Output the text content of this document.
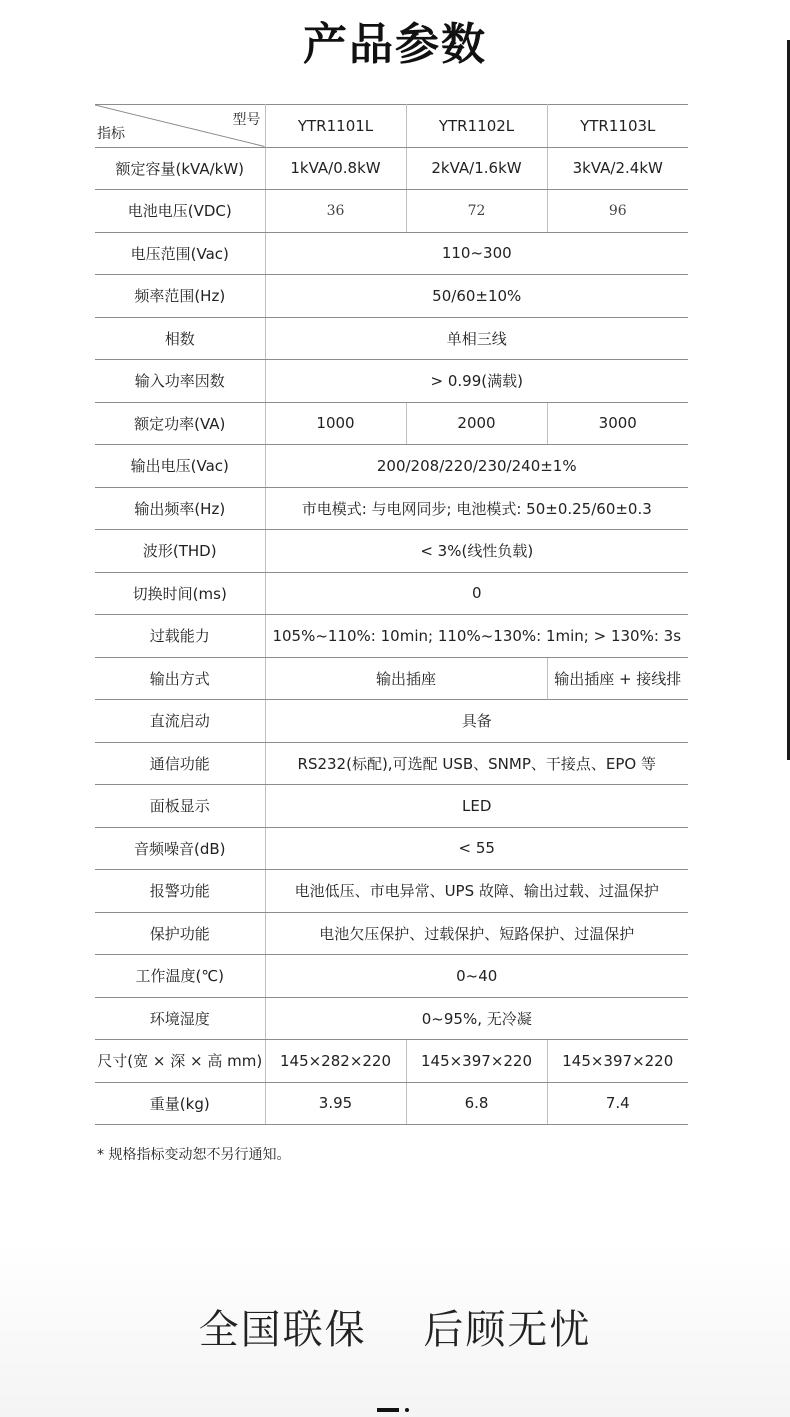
产品参数
型号
指标	YTR1101L	YTR1102L	YTR1103L
额定容量(kVA/kW)	1kVA/0.8kW	2kVA/1.6kW	3kVA/2.4kW
电池电压(VDC)	36	72	96
电压范围(Vac)	110~300		
频率范围(Hz)	50/60±10%		
相数	单相三线		
输入功率因数	> 0.99(满载)		
额定功率(VA)	1000	2000	3000
输出电压(Vac)	200/208/220/230/240±1%		
输出频率(Hz)	市电模式: 与电网同步; 电池模式: 50±0.25/60±0.3		
波形(THD)	< 3%(线性负载)		
切换时间(ms)	0		
过载能力	105%~110%: 10min; 110%~130%: 1min; > 130%: 3s		
输出方式	输出插座		输出插座 + 接线排
直流启动	具备		
通信功能	RS232(标配),可选配 USB、SNMP、干接点、EPO 等		
面板显示	LED		
音频噪音(dB)	< 55		
报警功能	电池低压、市电异常、UPS 故障、输出过载、过温保护		
保护功能	电池欠压保护、过载保护、短路保护、过温保护		
工作温度(℃)	0~40		
环境湿度	0~95%, 无冷凝		
尺寸(宽 × 深 × 高 mm)	145×282×220	145×397×220	145×397×220
重量(kg)	3.95	6.8	7.4
* 规格指标变动恕不另行通知。
全国联保 后顾无忧
